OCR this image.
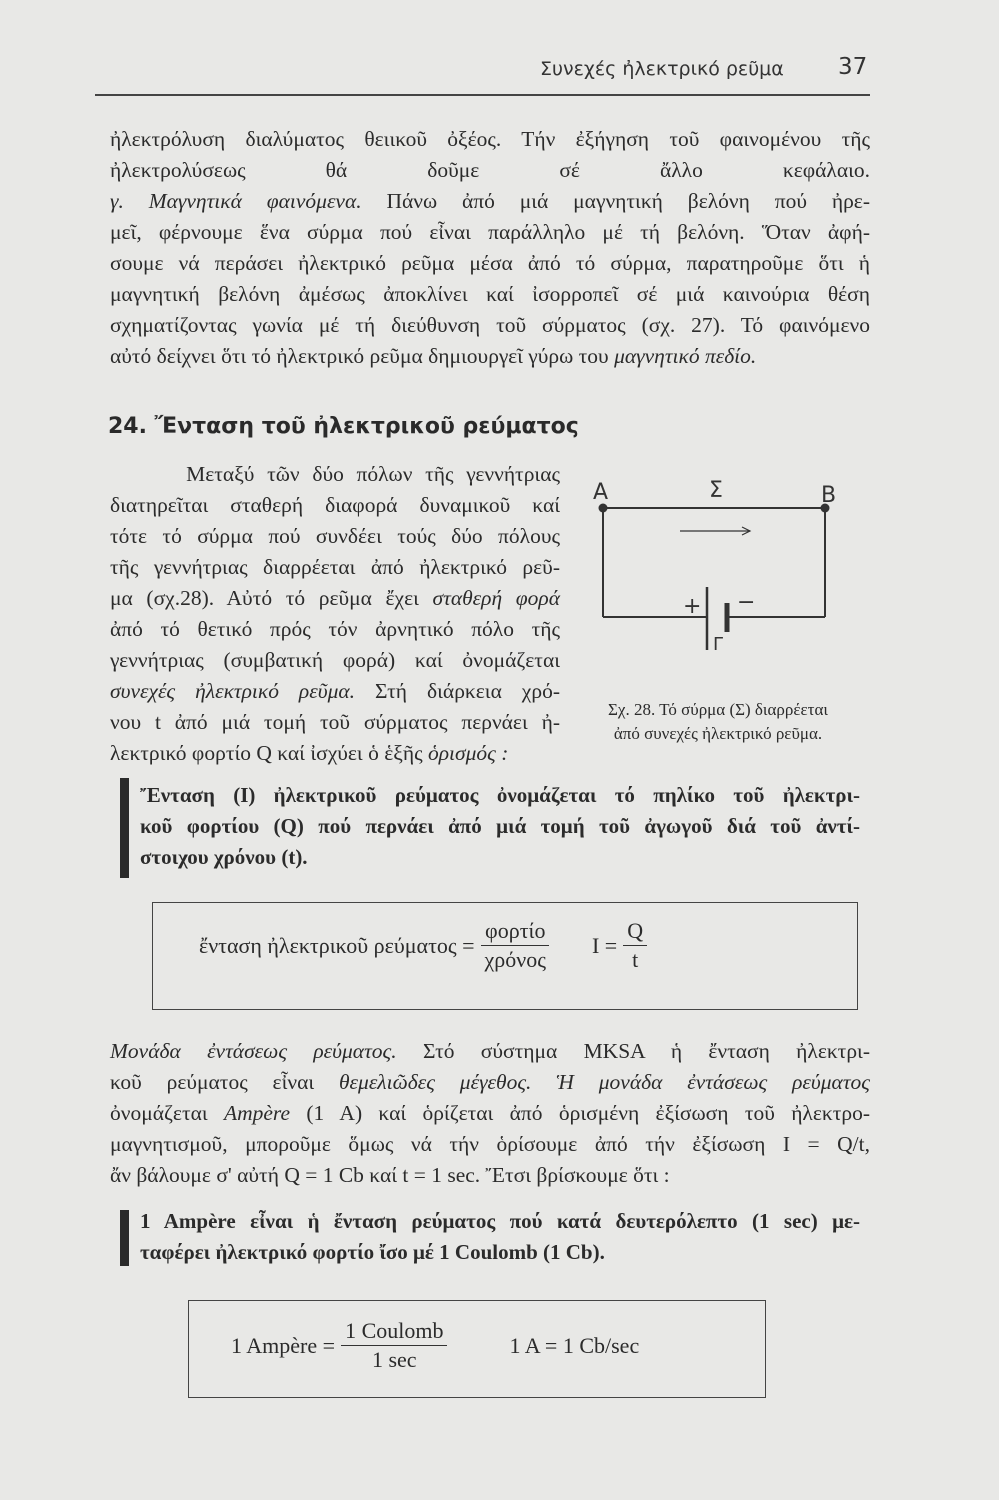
Συνεχές ἠλεκτρικό ρεῦμα 37
ἠλεκτρόλυση διαλύματος θειικοῦ ὀξέος. Τήν ἐξήγηση τοῦ φαινομένου τῆς
ἠλεκτρολύσεως θά δοῦμε σέ ἄλλο κεφάλαιο.
γ. Μαγνητικά φαινόμενα. Πάνω ἀπό μιά μαγνητική βελόνη πού ἠρε-
μεῖ, φέρνουμε ἕνα σύρμα πού εἶναι παράλληλο μέ τή βελόνη. Ὅταν ἀφή-
σουμε νά περάσει ἠλεκτρικό ρεῦμα μέσα ἀπό τό σύρμα, παρατηροῦμε ὅτι ἡ
μαγνητική βελόνη ἀμέσως ἀποκλίνει καί ἰσορροπεῖ σέ μιά καινούρια θέση
σχηματίζοντας γωνία μέ τή διεύθυνση τοῦ σύρματος (σχ. 27). Τό φαινόμενο
αὐτό δείχνει ὅτι τό ἠλεκτρικό ρεῦμα δημιουργεῖ γύρω του μαγνητικό πεδίο.
24. Ἔνταση τοῦ ἠλεκτρικοῦ ρεύματος
Μεταξύ τῶν δύο πόλων τῆς γεννήτριας
διατηρεῖται σταθερή διαφορά δυναμικοῦ καί
τότε τό σύρμα πού συνδέει τούς δύο πόλους
τῆς γεννήτριας διαρρέεται ἀπό ἠλεκτρικό ρεῦ-
μα (σχ.28). Αὐτό τό ρεῦμα ἔχει σταθερή φορά
ἀπό τό θετικό πρός τόν ἀρνητικό πόλο τῆς
γεννήτριας (συμβατική φορά) καί ὀνομάζεται
συνεχές ἠλεκτρικό ρεῦμα. Στή διάρκεια χρό-
νου t ἀπό μιά τομή τοῦ σύρματος περνάει ἠ-
λεκτρικό φορτίο Q καί ἰσχύει ὁ ἑξῆς ὁρισμός :
A	B
Σ
+ −
Γ
Σχ. 28. Τό σύρμα (Σ) διαρρέεται
ἀπό συνεχές ἠλεκτρικό ρεῦμα.
Ἔνταση (Ι) ἠλεκτρικοῦ ρεύματος ὀνομάζεται τό πηλίκο τοῦ ἠλεκτρι-
κοῦ φορτίου (Q) πού περνάει ἀπό μιά τομή τοῦ ἀγωγοῦ διά τοῦ ἀντί-
στοιχου χρόνου (t).
ἔνταση ἠλεκτρικοῦ $\rho\varepsilon ύ\mu\alpha\tau o\varsigma = \frac{\text{φορτίο}}{\text{χρόνος}}$ $I = \frac{Q}{t}$
Μονάδα ἐντάσεως ρεύματος. Στό σύστημα MKSA ἡ ἔνταση ἠλεκτρι-
κοῦ ρεύματος εἶναι θεμελιῶδες μέγεθος. Ἡ μονάδα ἐντάσεως ρεύματος
ὀνομάζεται Ampère (1 A) καί ὁρίζεται ἀπό ὁρισμένη ἐξίσωση τοῦ ἠλεκτρο-
μαγνητισμοῦ, μποροῦμε ὅμως νά τήν ὁρίσουμε ἀπό τήν ἐξίσωση I = Q/t,
ἄν βάλουμε σ' αὐτή Q = 1 Cb καί t = 1 sec. Ἔτσι βρίσκουμε ὅτι :
1 Ampère εἶναι ἡ ἔνταση ρεύματος πού κατά δευτερόλεπτο (1 sec) με-
ταφέρει ἠλεκτρικό φορτίο ἴσο μέ 1 Coulomb (1 Cb).
1 Ampère = $\frac{\text{1 Coulomb}}{1 \sec}$	1 A = 1 Cb/sec
